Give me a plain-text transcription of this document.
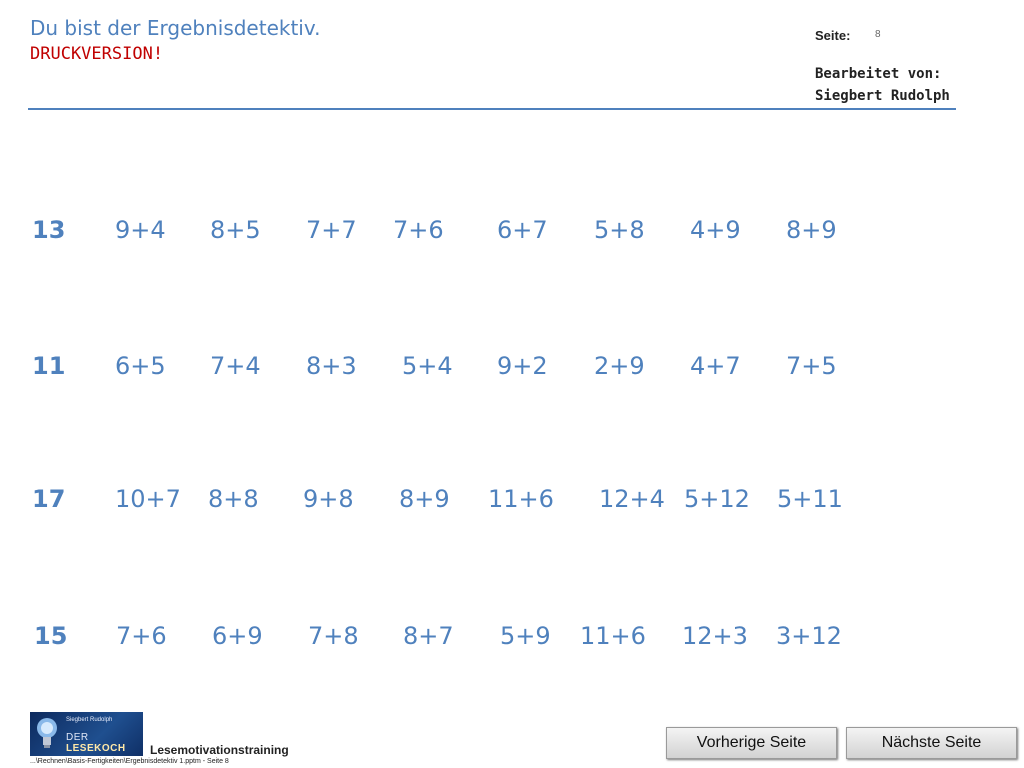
Du bist der Ergebnisdetektiv.
DRUCKVERSION!
Seite: 8
Bearbeitet von:
Siegbert Rudolph
13 9+4 8+5 7+7 7+6 6+7 5+8 4+9 8+9
11 6+5 7+4 8+3 5+4 9+2 2+9 4+7 7+5
17 10+7 8+8 9+8 8+9 11+6 12+4 5+12 5+11
15 7+6 6+9 7+8 8+7 5+9 11+6 12+3 3+12
Siegbert Rudolph
DER LESEKOCH	Lesemotivationstraining
...\Rechnen\Basis-Fertigkeiten\Ergebnisdetektiv 1.pptm - Seite 8
Vorherige Seite	Nächste Seite
